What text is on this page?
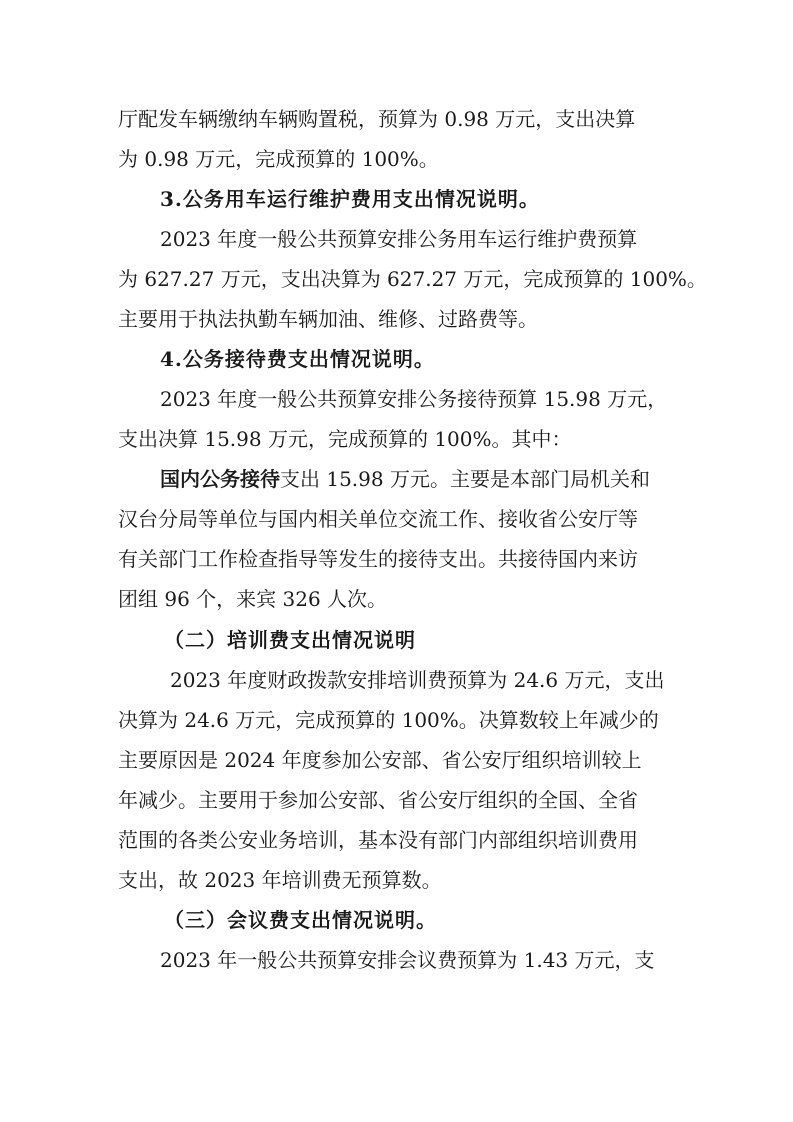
厅配发车辆缴纳车辆购置税，预算为 0.98 万元，支出决算
为 0.98 万元，完成预算的 100%。
3.公务用车运行维护费用支出情况说明。
2023 年度一般公共预算安排公务用车运行维护费预算
为 627.27 万元，支出决算为 627.27 万元，完成预算的 100%。
主要用于执法执勤车辆加油、维修、过路费等。
4.公务接待费支出情况说明。
2023 年度一般公共预算安排公务接待预算 15.98 万元，
支出决算 15.98 万元，完成预算的 100%。其中：
国内公务接待支出 15.98 万元。主要是本部门局机关和
汉台分局等单位与国内相关单位交流工作、接收省公安厅等
有关部门工作检查指导等发生的接待支出。共接待国内来访
团组 96 个，来宾 326 人次。
（二）培训费支出情况说明
2023 年度财政拨款安排培训费预算为 24.6 万元，支出
决算为 24.6 万元，完成预算的 100%。决算数较上年减少的
主要原因是 2024 年度参加公安部、省公安厅组织培训较上
年减少。主要用于参加公安部、省公安厅组织的全国、全省
范围的各类公安业务培训，基本没有部门内部组织培训费用
支出，故 2023 年培训费无预算数。
（三）会议费支出情况说明。
2023 年一般公共预算安排会议费预算为 1.43 万元，支
